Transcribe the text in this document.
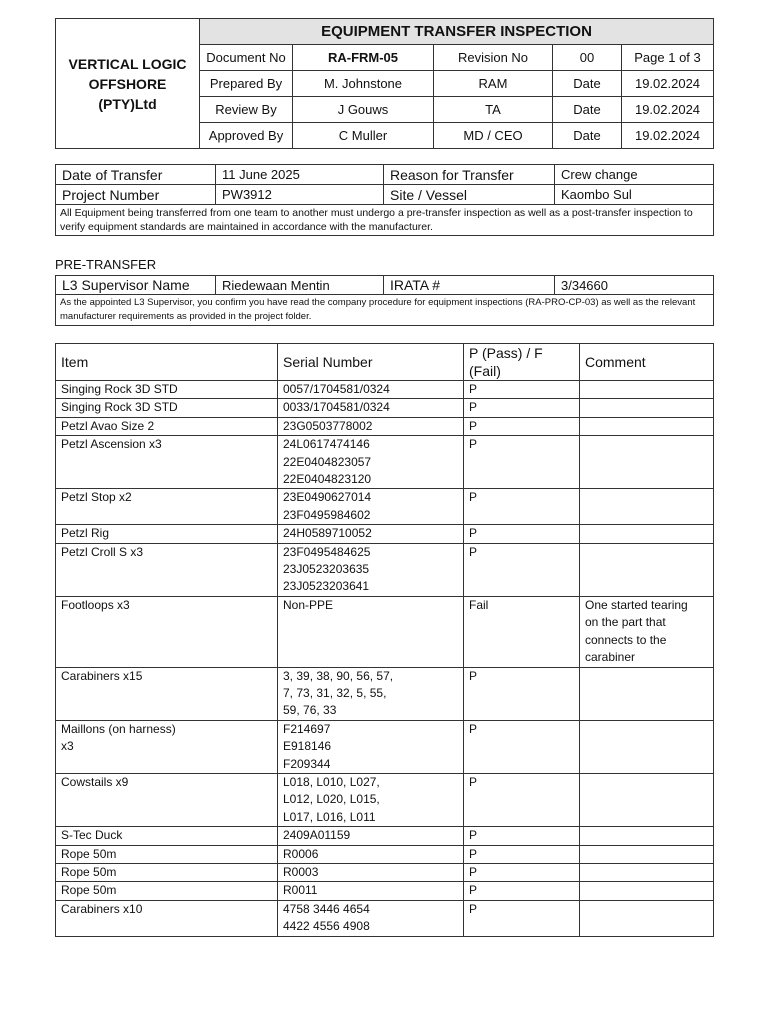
VERTICAL LOGIC
OFFSHORE
(PTY)Ltd	EQUIPMENT TRANSFER INSPECTION				
	Document No	RA-FRM-05	Revision No	00	Page 1 of 3
	Prepared By	M. Johnstone	RAM	Date	19.02.2024
	Review By	J Gouws	TA	Date	19.02.2024
	Approved By	C Muller	MD / CEO	Date	19.02.2024
Date of Transfer	11 June 2025	Reason for Transfer	Crew change
Project Number	PW3912	Site / Vessel	Kaombo Sul
All Equipment being transferred from one team to another must undergo a pre-transfer inspection as well as a post-transfer inspection to verify equipment standards are maintained in accordance with the manufacturer.			
PRE-TRANSFER
L3 Supervisor Name	Riedewaan Mentin	IRATA #	3/34660
As the appointed L3 Supervisor, you confirm you have read the company procedure for equipment inspections (RA-PRO-CP-03) as well as the relevant manufacturer requirements as provided in the project folder.
Item	Serial Number	P (Pass) / F (Fail)	Comment
Singing Rock 3D STD	0057/1704581/0324	P	
Singing Rock 3D STD	0033/1704581/0324	P	
Petzl Avao Size 2	23G0503778002	P	
Petzl Ascension x3	24L0617474146
22E0404823057
22E0404823120	P	
Petzl Stop x2	23E0490627014
23F0495984602	P	
Petzl Rig	24H0589710052	P	
Petzl Croll S x3	23F0495484625
23J0523203635
23J0523203641	P	
Footloops x3	Non-PPE	Fail	One started tearing
on the part that
connects to the
carabiner
Carabiners x15	3, 39, 38, 90, 56, 57,
7, 73, 31, 32, 5, 55,
59, 76, 33	P	
Maillons (on harness)
x3	F214697
E918146
F209344	P	
Cowstails x9	L018, L010, L027,
L012, L020, L015,
L017, L016, L011	P	
S-Tec Duck	2409A01159	P	
Rope 50m	R0006	P	
Rope 50m	R0003	P	
Rope 50m	R0011	P	
Carabiners x10	4758 3446 4654
4422 4556 4908	P	
